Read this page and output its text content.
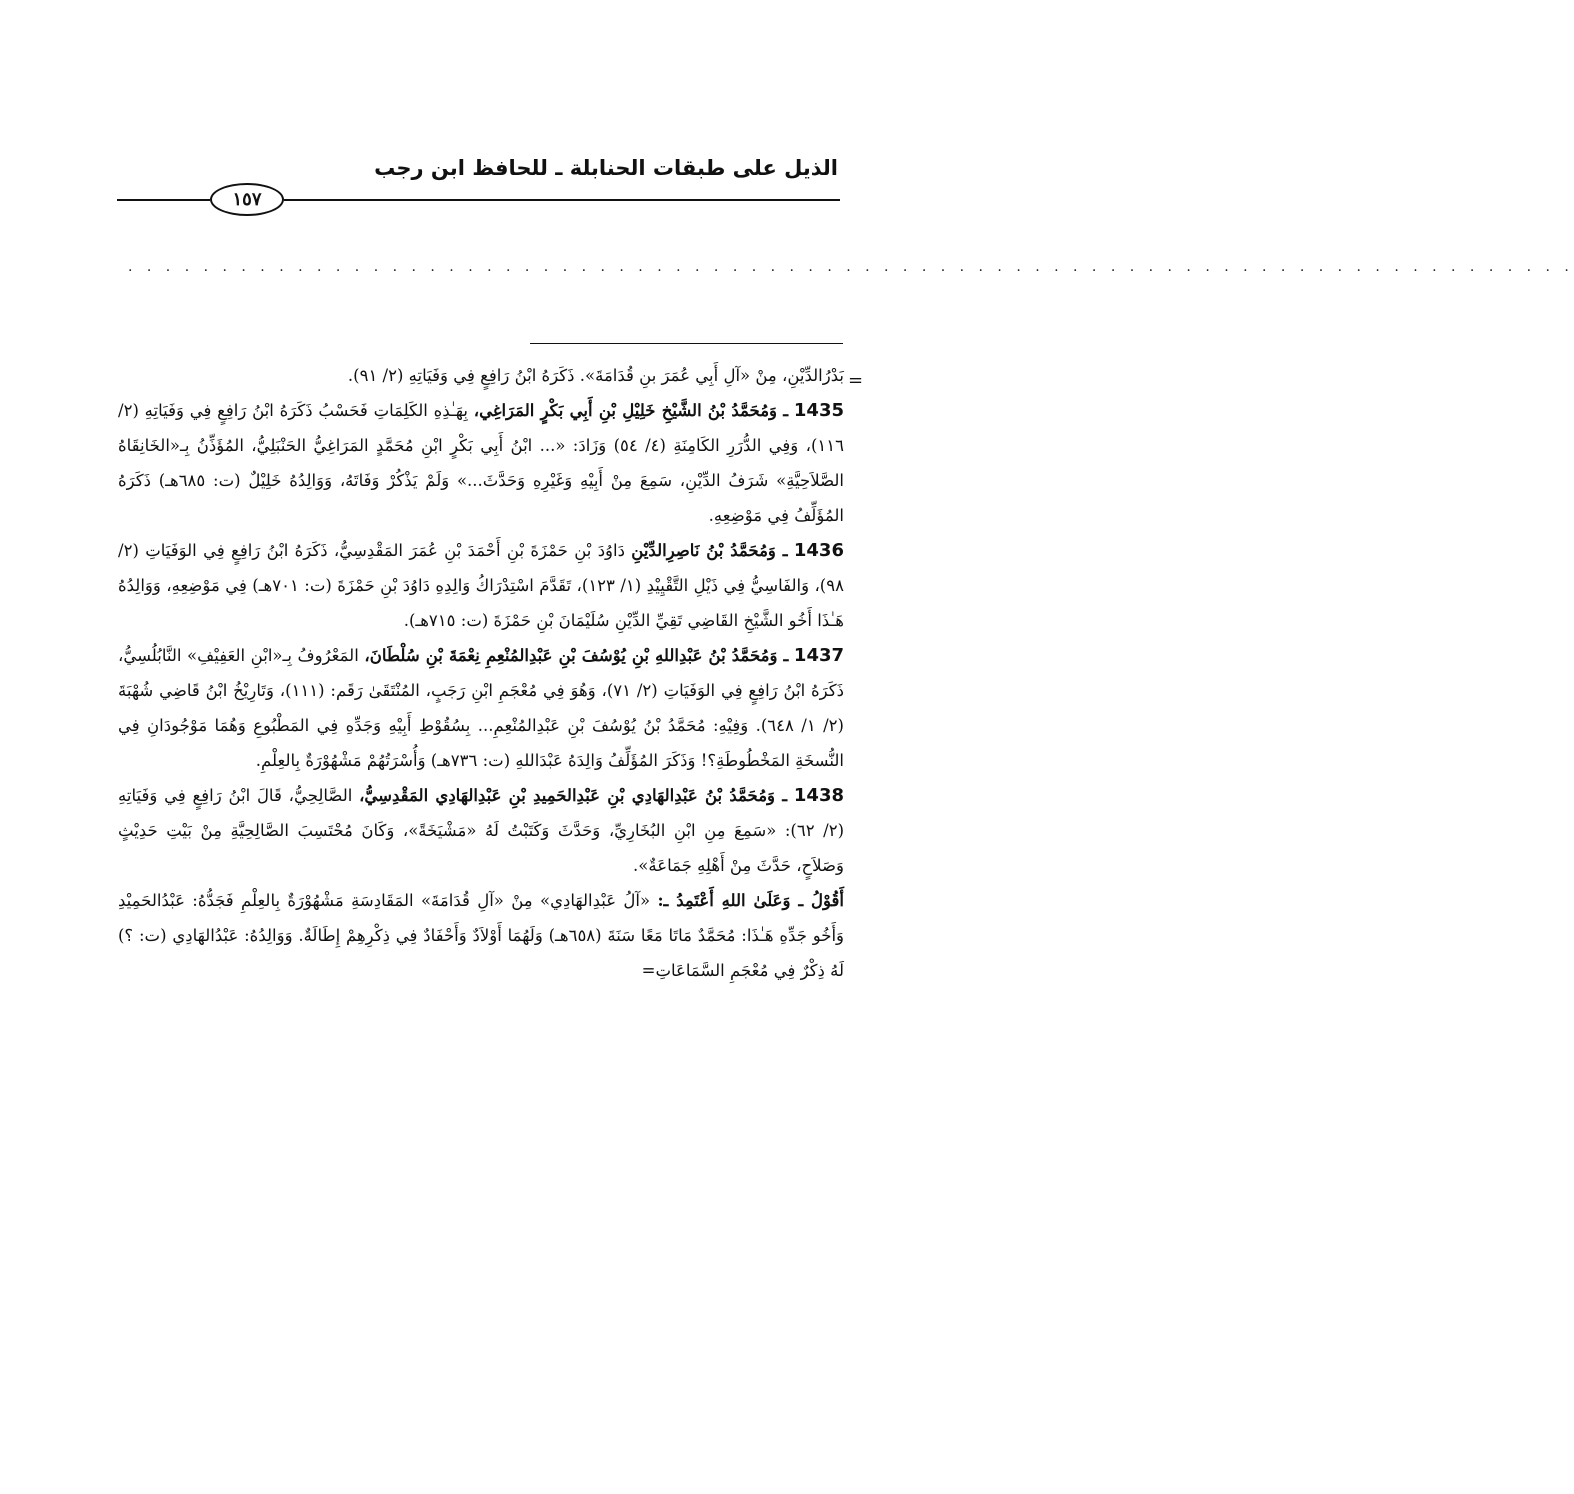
الذيل على طبقات الحنابلة ـ للحافظ ابن رجب
١٥٧
. . . . . . . . . . . . . . . . . . . . . . . . . . . . . . . . . . . . . . . . . . . . . . . . . . . . . . . . . . . . . . . . . . . . . . . . . . . . .
=

بَدْرُالدِّيْنِ، مِنْ «آلِ أَبِي عُمَرَ بنِ قُدَامَةَ». ذَكَرَهُ ابْنُ رَافِعٍ فِي وَفَيَاتِهِ (٢/ ٩١).

1435 ـ وَمُحَمَّدُ بْنُ الشَّيْخِ خَلِيْلِ بْنِ أَبِي بَكْرٍ المَرَاغِي، بِهَـٰذِهِ الكَلِمَاتِ فَحَسْبُ ذَكَرَهُ ابْنُ رَافِعٍ فِي وَفَيَاتِهِ (٢/ ١١٦)، وَفِي الدُّرَرِ الكَامِنَةِ (٤/ ٥٤) وَزَادَ: «... ابْنُ أَبِي بَكْرٍ ابْنِ مُحَمَّدٍ المَرَاغِيُّ الحَنْبَلِيُّ، المُؤَذِّنُ بِـ«الخَانِقَاهُ الصَّلاَحِيَّةِ» شَرَفُ الدِّيْنِ، سَمِعَ مِنْ أَبِيْهِ وَغَيْرِهِ وَحَدَّثَ...» وَلَمْ يَذْكُرْ وَفَاتَهُ، وَوَالِدُهُ خَلِيْلٌ (ت: ٦٨٥هـ) ذَكَرَهُ المُؤَلِّفُ فِي مَوْضِعِهِ.

1436 ـ وَمُحَمَّدُ بْنُ نَاصِرِالدِّيْنِ دَاوُدَ بْنِ حَمْزَةَ بْنِ أَحْمَدَ بْنِ عُمَرَ المَقْدِسِيُّ، ذَكَرَهُ ابْنُ رَافِعٍ فِي الوَفَيَاتِ (٢/ ٩٨)، وَالفَاسِيُّ فِي ذَيْلِ التَّقْيِيْدِ (١/ ١٢٣)، تَقَدَّمَ اسْتِدْرَاكُ وَالِدِهِ دَاوُدَ بْنِ حَمْزَةَ (ت: ٧٠١هـ) فِي مَوْضِعِهِ، وَوَالِدُهُ هَـٰذَا أَخُو الشَّيْخِ القَاضِي تَقِيِّ الدِّيْنِ سُلَيْمَانَ بْنِ حَمْزَةَ (ت: ٧١٥هـ).

1437 ـ وَمُحَمَّدُ بْنُ عَبْدِاللهِ بْنِ يُوْسُفَ بْنِ عَبْدِالمُنْعِمِ نِعْمَةَ بْنِ سُلْطَانَ، المَعْرُوفُ بِـ«ابْنِ العَفِيْفِ» النَّابُلُسِيُّ، ذَكَرَهُ ابْنُ رَافِعٍ فِي الوَفَيَاتِ (٢/ ٧١)، وَهُوَ فِي مُعْجَمِ ابْنِ رَجَبٍ، المُنْتَقَىٰ رَقَم: (١١١)، وَتَارِيْخُ ابْنُ قَاضِي شُهْبَةَ (٢/ ١/ ٦٤٨). وَفِيْهِ: مُحَمَّدُ بْنُ يُوْسُفَ بْنِ عَبْدِالمُنْعِمِ... بِسُقُوْطِ أَبِيْهِ وَجَدِّهِ فِي المَطْبُوعِ وَهُمَا مَوْجُودَانِ فِي النُّسخَةِ المَخْطُوطَةِ؟! وَذَكَرَ المُؤَلِّفُ وَالِدَهُ عَبْدَاللهِ (ت: ٧٣٦هـ) وَأُسْرَتُهُمْ مَشْهُوْرَةٌ بِالعِلْمِ.

1438 ـ وَمُحَمَّدُ بْنُ عَبْدِالهَادِي بْنِ عَبْدِالحَمِيدِ بْنِ عَبْدِالهَادِي المَقْدِسِيُّ، الصَّالِحِيُّ، قَالَ ابْنُ رَافِعٍ فِي وَفَيَاتِهِ (٢/ ٦٢): «سَمِعَ مِنِ ابْنِ البُخَارِيِّ، وَحَدَّثَ وَكَتَبْتُ لَهُ «مَشْيَخَةً»، وَكَانَ مُحْتَسِبَ الصَّالِحِيَّةِ مِنْ بَيْتِ حَدِيْثٍ وَصَلاَحٍ، حَدَّثَ مِنْ أَهْلِهِ جَمَاعَةٌ».

أَقُوْلُ ـ وَعَلَىٰ اللهِ أَعْتَمِدُ ـ: «آلُ عَبْدِالهَادِي» مِنْ «آلِ قُدَامَةَ» المَقَادِسَةِ مَشْهُوْرَةٌ بِالعِلْمِ فَجَدُّهُ: عَبْدُالحَمِيْدِ وَأَخُو جَدِّهِ هَـٰذَا: مُحَمَّدٌ مَاتَا مَعًا سَنَةَ (٦٥٨هـ) وَلَهُمَا أَوْلاَدٌ وَأَحْفَادٌ فِي ذِكْرِهِمْ إِطَالَةٌ. وَوَالِدُهُ: عَبْدُالهَادِي (ت: ؟) لَهُ ذِكْرٌ فِي مُعْجَمِ السَّمَاعَاتِ=
